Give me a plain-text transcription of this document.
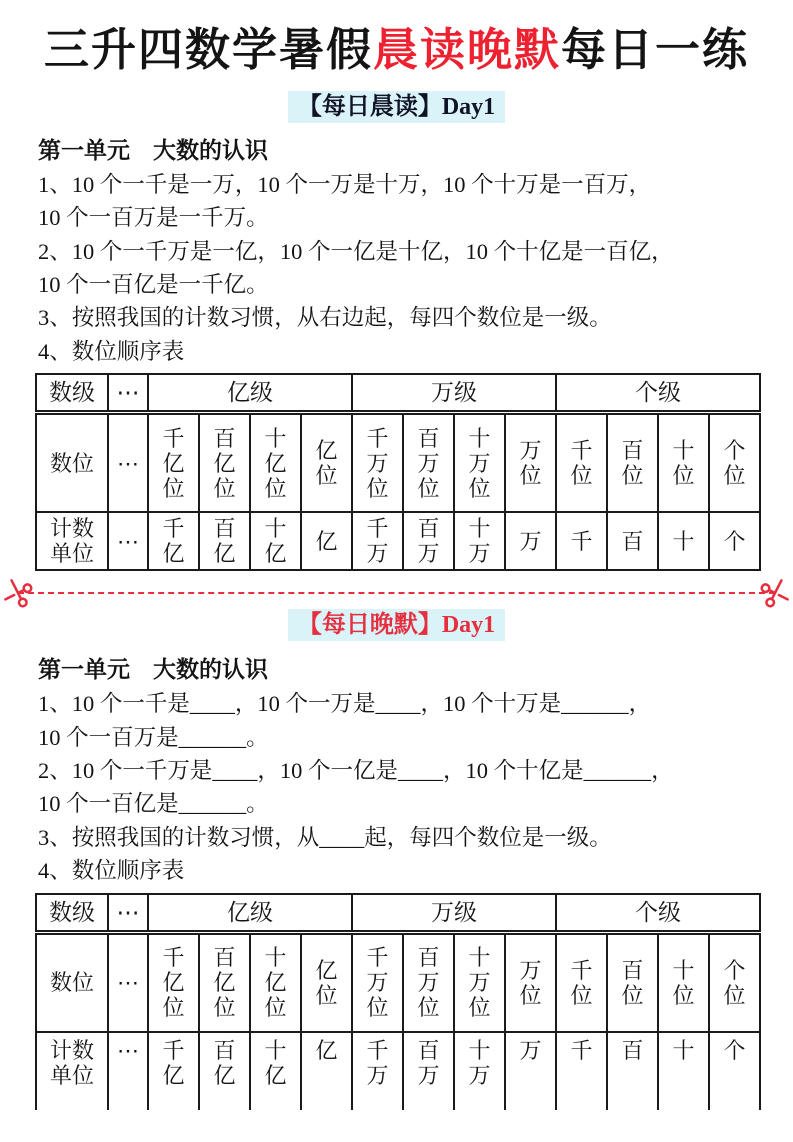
三升四数学暑假晨读晚默每日一练
【每日晨读】Day1
第一单元　大数的认识

1、10 个一千是一万，10 个一万是十万，10 个十万是一百万，

10 个一百万是一千万。

2、10 个一千万是一亿，10 个一亿是十亿，10 个十亿是一百亿，

10 个一百亿是一千亿。

3、按照我国的计数习惯，从右边起，每四个数位是一级。

4、数位顺序表

数级	⋯	亿级				万级				个级			
数位	⋯	千
亿
位	百
亿
位	十
亿
位	亿
位	千
万
位	百
万
位	十
万
位	万
位	千
位	百
位	十
位	个
位
计数
单位	⋯	千
亿	百
亿	十
亿	亿	千
万	百
万	十
万	万	千	百	十	个
【每日晚默】Day1
第一单元　大数的认识

1、10 个一千是____，10 个一万是____，10 个十万是______，

10 个一百万是______。

2、10 个一千万是____，10 个一亿是____，10 个十亿是______，

10 个一百亿是______。

3、按照我国的计数习惯，从____起，每四个数位是一级。

4、数位顺序表

数级	⋯	亿级				万级				个级			
数位	⋯	千
亿
位	百
亿
位	十
亿
位	亿
位	千
万
位	百
万
位	十
万
位	万
位	千
位	百
位	十
位	个
位
计数
单位	⋯	千
亿	百
亿	十
亿	亿	千
万	百
万	十
万	万	千	百	十	个
